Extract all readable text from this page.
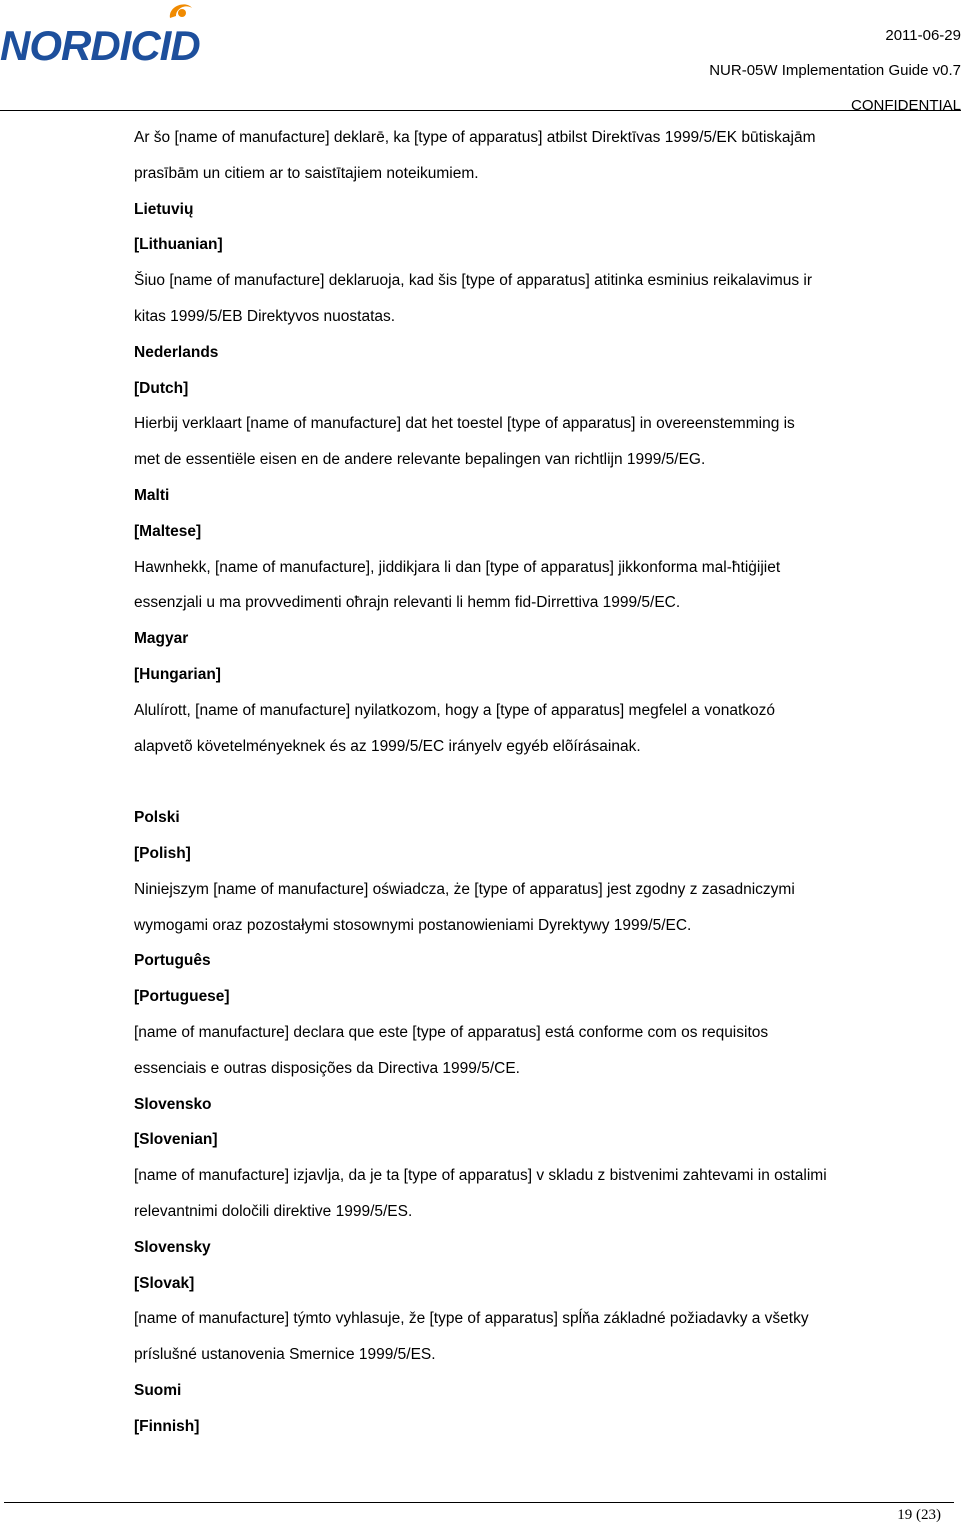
NORDICID	2011-06-29
NUR-05W Implementation Guide v0.7
CONFIDENTIAL
Ar šo [name of manufacture] deklarē, ka [type of apparatus] atbilst Direktīvas 1999/5/EK būtiskajām
prasībām un citiem ar to saistītajiem noteikumiem.
Lietuvių
[Lithuanian]
Šiuo [name of manufacture] deklaruoja, kad šis [type of apparatus] atitinka esminius reikalavimus ir
kitas 1999/5/EB Direktyvos nuostatas.
Nederlands
[Dutch]
Hierbij verklaart [name of manufacture] dat het toestel [type of apparatus] in overeenstemming is
met de essentiële eisen en de andere relevante bepalingen van richtlijn 1999/5/EG.
Malti
[Maltese]
Hawnhekk, [name of manufacture], jiddikjara li dan [type of apparatus] jikkonforma mal-ħtiġijiet
essenzjali u ma provvedimenti oħrajn relevanti li hemm fid-Dirrettiva 1999/5/EC.
Magyar
[Hungarian]
Alulírott, [name of manufacture] nyilatkozom, hogy a [type of apparatus] megfelel a vonatkozó
alapvetõ követelményeknek és az 1999/5/EC irányelv egyéb elõírásainak.
Polski
[Polish]
Niniejszym [name of manufacture] oświadcza, że [type of apparatus] jest zgodny z zasadniczymi
wymogami oraz pozostałymi stosownymi postanowieniami Dyrektywy 1999/5/EC.
Português
[Portuguese]
[name of manufacture] declara que este [type of apparatus] está conforme com os requisitos
essenciais e outras disposições da Directiva 1999/5/CE.
Slovensko
[Slovenian]
[name of manufacture] izjavlja, da je ta [type of apparatus] v skladu z bistvenimi zahtevami in ostalimi
relevantnimi določili direktive 1999/5/ES.
Slovensky
[Slovak]
[name of manufacture] týmto vyhlasuje, že [type of apparatus] spĺňa základné požiadavky a všetky
príslušné ustanovenia Smernice 1999/5/ES.
Suomi
[Finnish]
19 (23)
